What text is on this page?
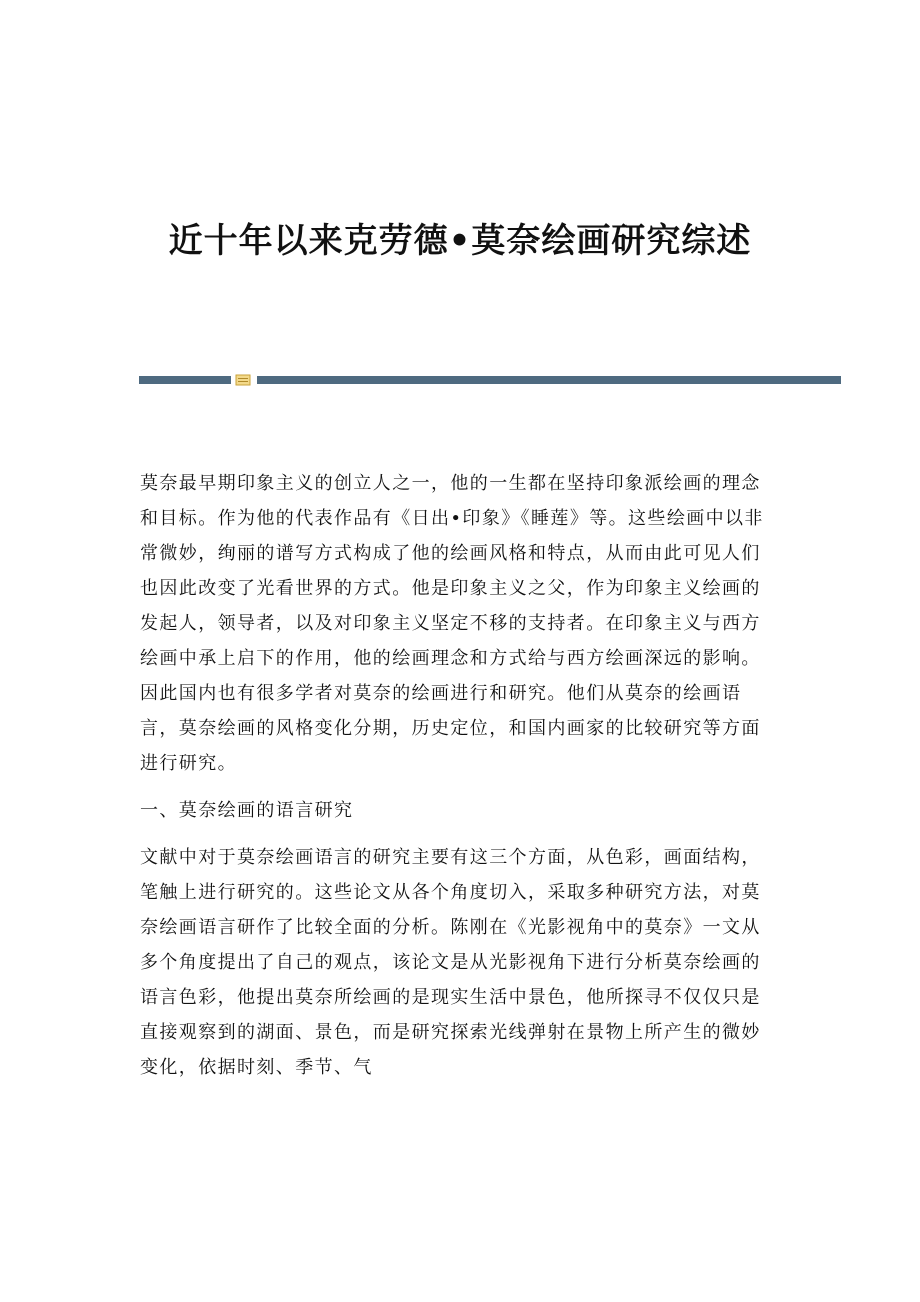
近十年以来克劳德•莫奈绘画研究综述

莫奈最早期印象主义的创立人之一，他的一生都在坚持印象派绘画的理念和目标。作为他的代表作品有《日出•印象》《睡莲》等。这些绘画中以非常微妙，绚丽的谱写方式构成了他的绘画风格和特点，从而由此可见人们也因此改变了光看世界的方式。他是印象主义之父，作为印象主义绘画的发起人，领导者，以及对印象主义坚定不移的支持者。在印象主义与西方绘画中承上启下的作用，他的绘画理念和方式给与西方绘画深远的影响。因此国内也有很多学者对莫奈的绘画进行和研究。他们从莫奈的绘画语言，莫奈绘画的风格变化分期，历史定位，和国内画家的比较研究等方面进行研究。

一、莫奈绘画的语言研究

文献中对于莫奈绘画语言的研究主要有这三个方面，从色彩，画面结构，笔触上进行研究的。这些论文从各个角度切入，采取多种研究方法，对莫奈绘画语言研作了比较全面的分析。陈刚在《光影视角中的莫奈》一文从多个角度提出了自己的观点，该论文是从光影视角下进行分析莫奈绘画的语言色彩，他提出莫奈所绘画的是现实生活中景色，他所探寻不仅仅只是直接观察到的湖面、景色，而是研究探索光线弹射在景物上所产生的微妙变化，依据时刻、季节、气
